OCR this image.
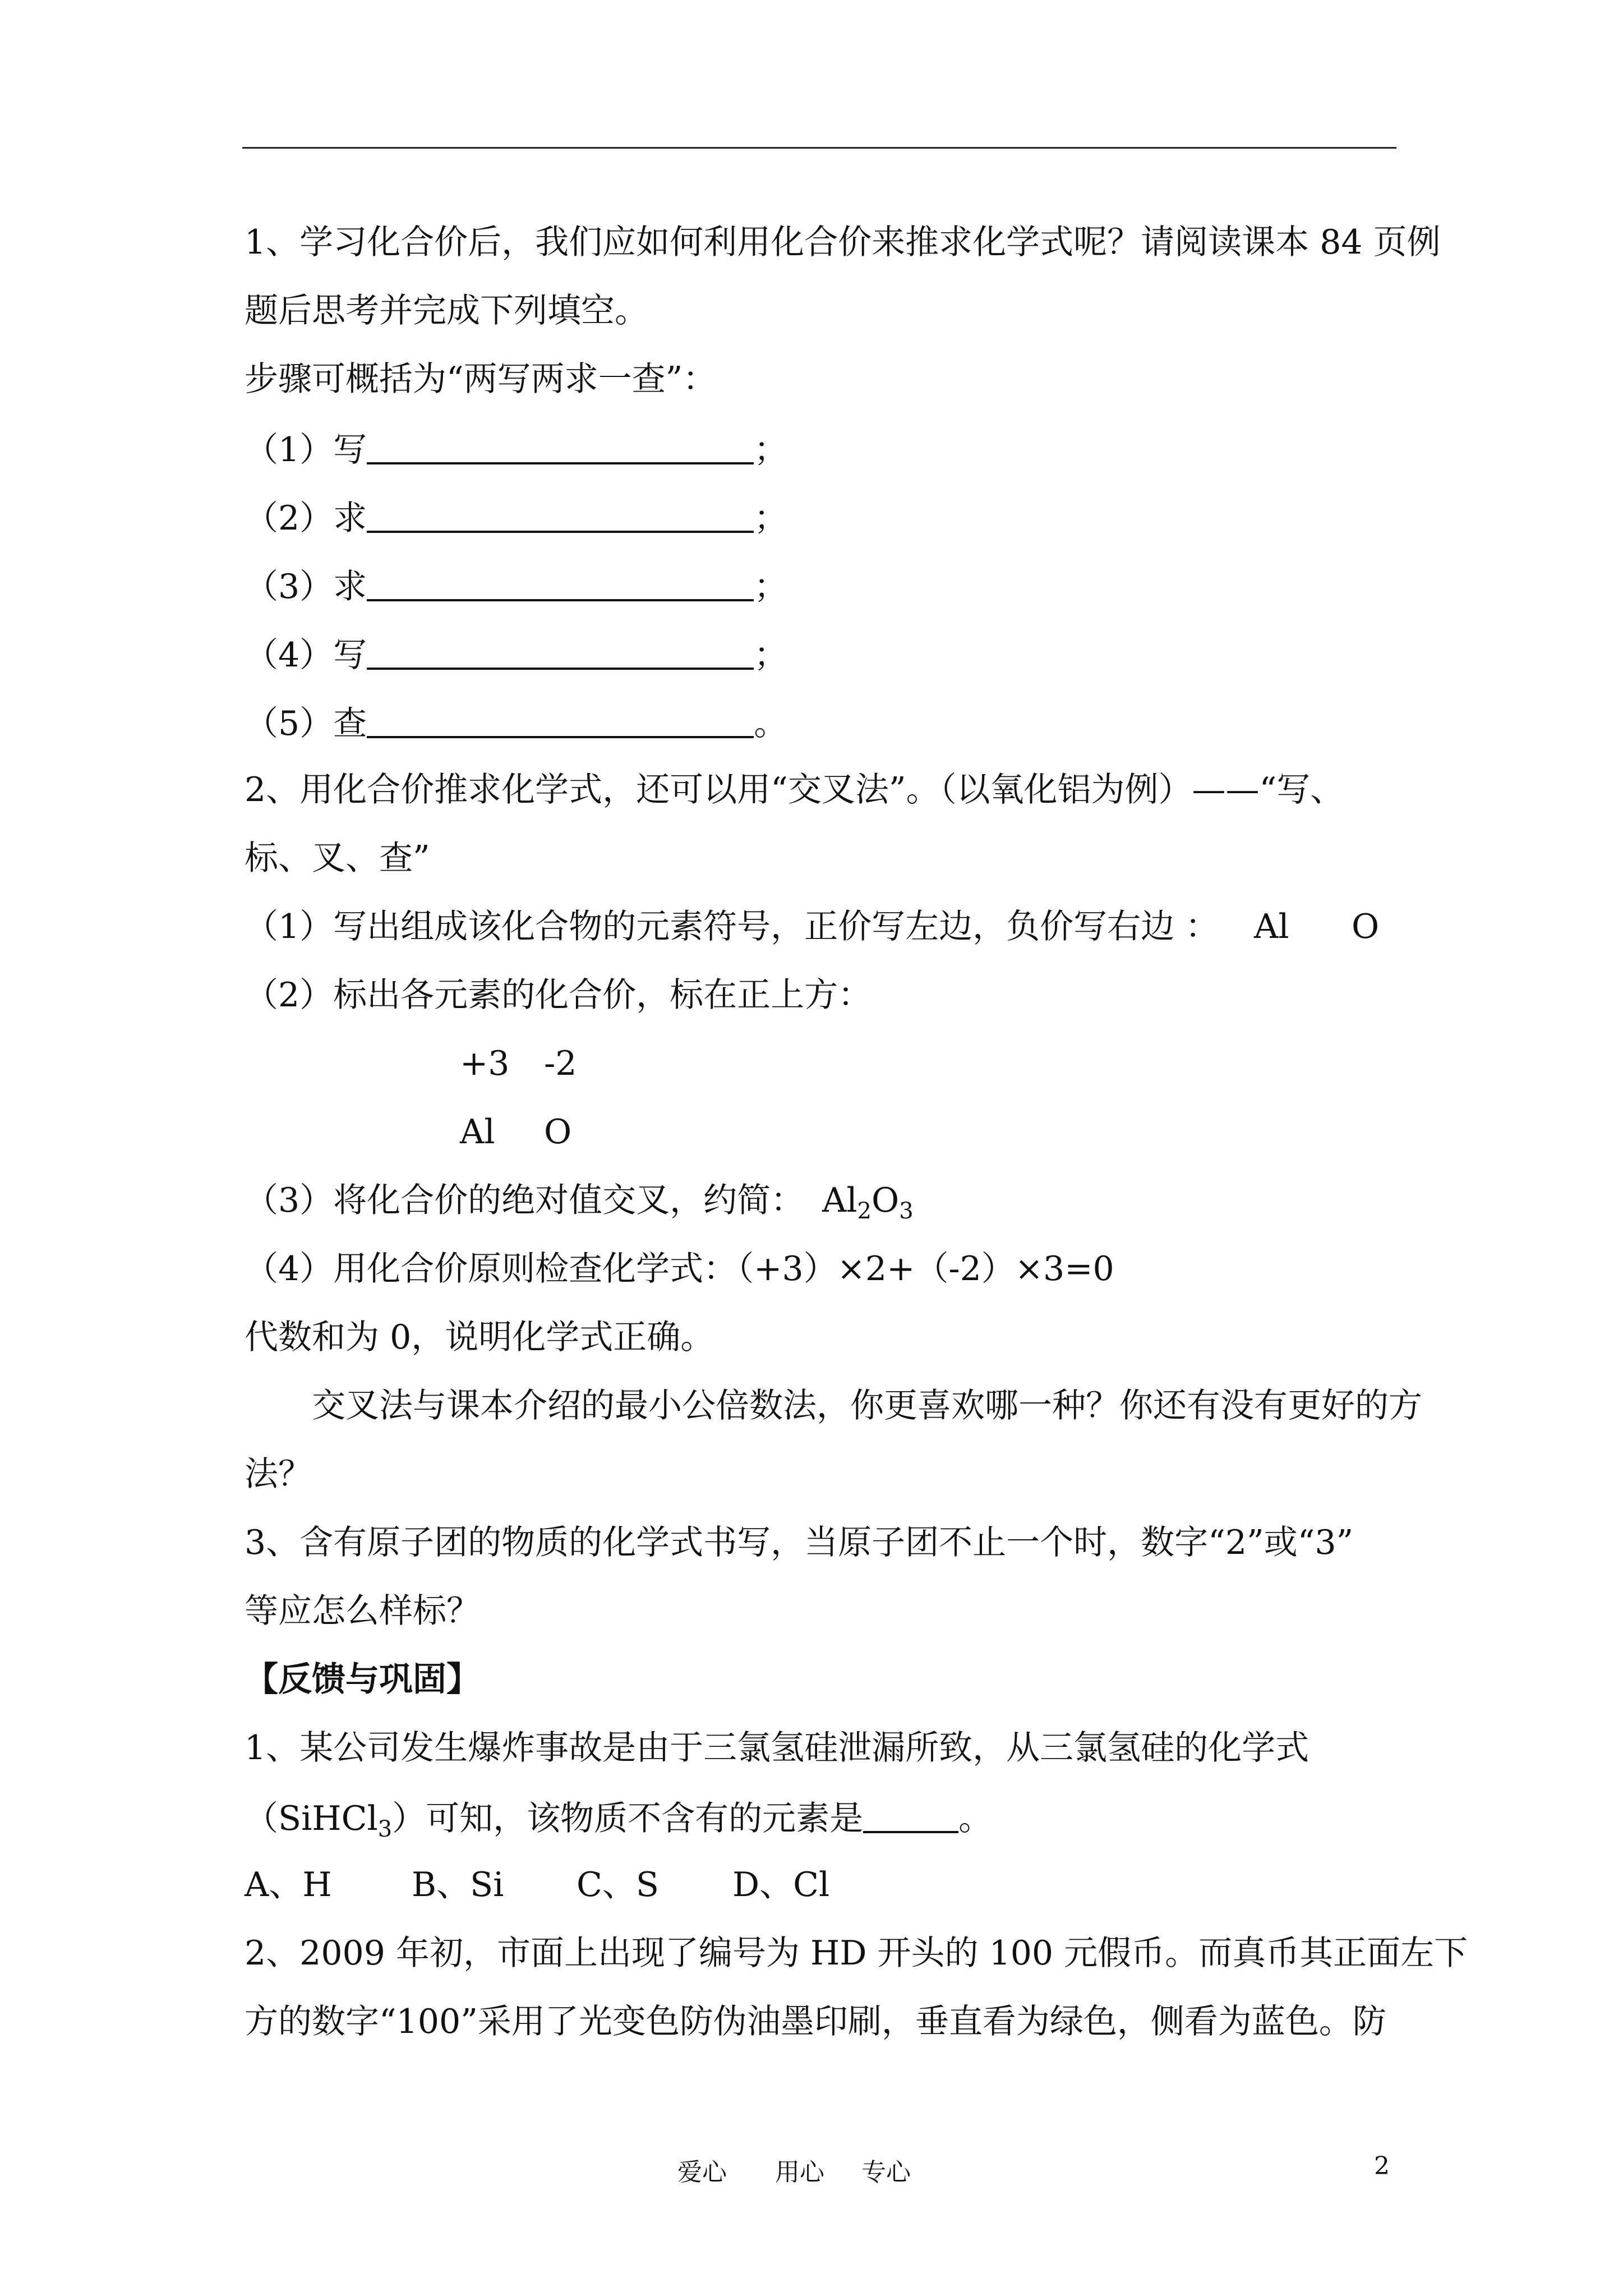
1、学习化合价后，我们应如何利用化合价来推求化学式呢？请阅读课本 84 页例
题后思考并完成下列填空。
步骤可概括为“两写两求一查”：
（1）写	；
（2）求	；
（3）求	；
（4）写	；
（5）查	。
2、用化合价推求化学式，还可以用“交叉法”。（以氧化铝为例）——“写、
标、叉、查”
（1）写出组成该化合物的元素符号，正价写左边，负价写右边 ： Al O
（2）标出各元素的化合价，标在正上方：
+3 -2
Al O
（3）将化合价的绝对值交叉，约简： $Al_2O_3$
（4）用化合价原则检查化学式：（+3）×2+（-2）×3=0
代数和为 0，说明化学式正确。
交叉法与课本介绍的最小公倍数法，你更喜欢哪一种？你还有没有更好的方
法？
3、含有原子团的物质的化学式书写，当原子团不止一个时，数字“2”或“3”
等应怎么样标？
【反馈与巩固】
1、某公司发生爆炸事故是由于三氯氢硅泄漏所致，从三氯氢硅的化学式
（SiHCl$_3$）可知，该物质不含有的元素是	。
A、H B、Si C、S D、Cl
2、2009 年初，市面上出现了编号为 HD 开头的 100 元假币。而真币其正面左下
方的数字“100”采用了光变色防伪油墨印刷，垂直看为绿色，侧看为蓝色。防
爱心 用心 专心	2
